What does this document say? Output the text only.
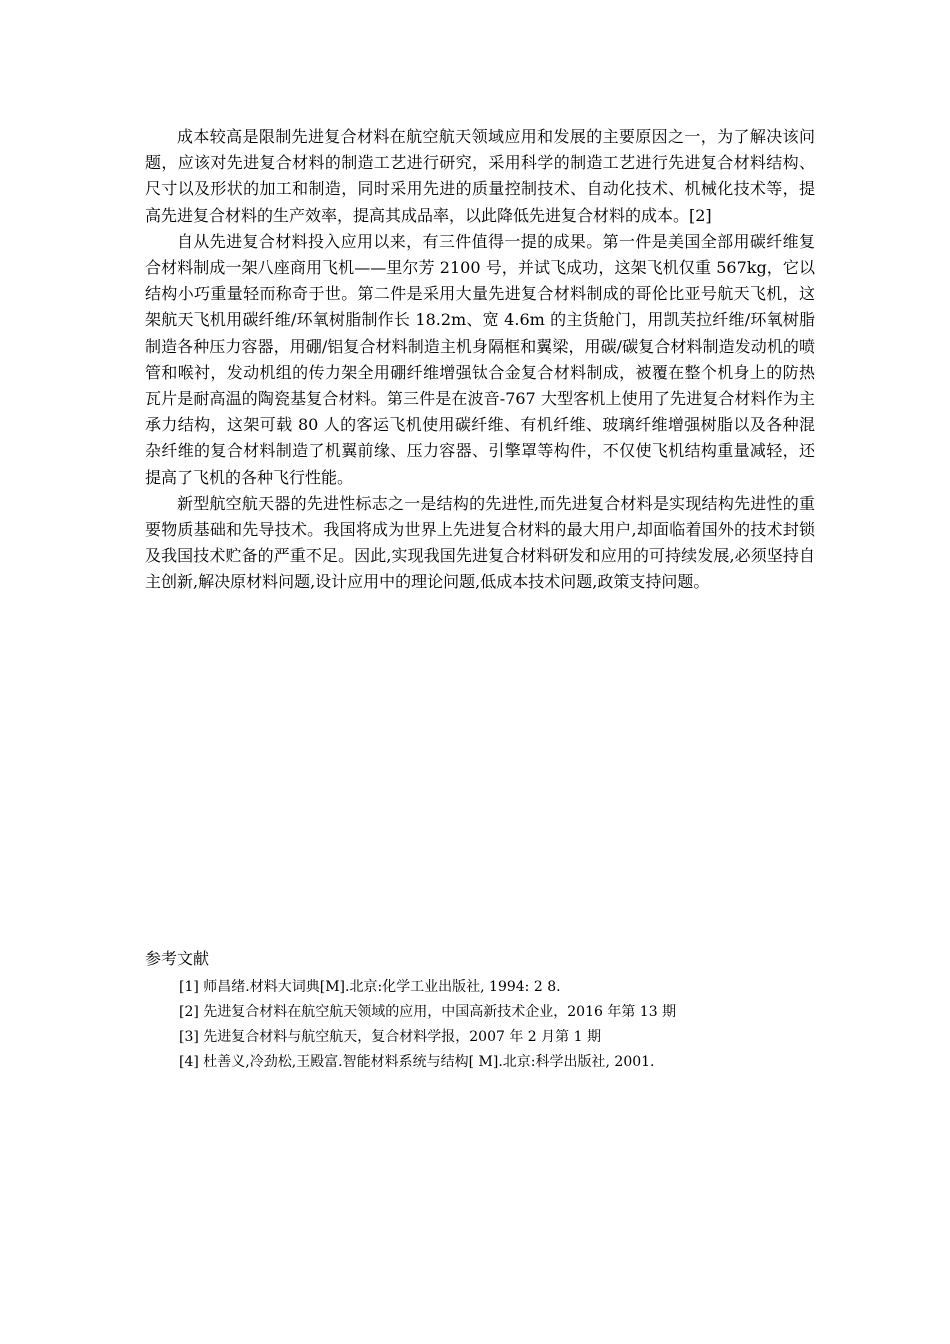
成本较高是限制先进复合材料在航空航天领域应用和发展的主要原因之一，为了解决该问题，应该对先进复合材料的制造工艺进行研究，采用科学的制造工艺进行先进复合材料结构、尺寸以及形状的加工和制造，同时采用先进的质量控制技术、自动化技术、机械化技术等，提高先进复合材料的生产效率，提高其成品率，以此降低先进复合材料的成本。[2]

自从先进复合材料投入应用以来，有三件值得一提的成果。第一件是美国全部用碳纤维复合材料制成一架八座商用飞机——里尔芳 2100 号，并试飞成功，这架飞机仅重 567kg，它以结构小巧重量轻而称奇于世。第二件是采用大量先进复合材料制成的哥伦比亚号航天飞机，这架航天飞机用碳纤维/环氧树脂制作长 18.2m、宽 4.6m 的主货舱门，用凯芙拉纤维/环氧树脂制造各种压力容器，用硼/铝复合材料制造主机身隔框和翼梁，用碳/碳复合材料制造发动机的喷管和喉衬，发动机组的传力架全用硼纤维增强钛合金复合材料制成，被覆在整个机身上的防热瓦片是耐高温的陶瓷基复合材料。第三件是在波音-767 大型客机上使用了先进复合材料作为主承力结构，这架可载 80 人的客运飞机使用碳纤维、有机纤维、玻璃纤维增强树脂以及各种混杂纤维的复合材料制造了机翼前缘、压力容器、引擎罩等构件，不仅使飞机结构重量减轻，还提高了飞机的各种飞行性能。

新型航空航天器的先进性标志之一是结构的先进性,而先进复合材料是实现结构先进性的重要物质基础和先导技术。我国将成为世界上先进复合材料的最大用户,却面临着国外的技术封锁及我国技术贮备的严重不足。因此,实现我国先进复合材料研发和应用的可持续发展,必须坚持自主创新,解决原材料问题,设计应用中的理论问题,低成本技术问题,政策支持问题。

参考文献
[1] 师昌绪.材料大词典[M].北京:化学工业出版社, 1994: 2 8.
[2] 先进复合材料在航空航天领域的应用，中国高新技术企业，2016 年第 13 期
[3] 先进复合材料与航空航天，复合材料学报，2007 年 2 月第 1 期
[4] 杜善义,冷劲松,王殿富.智能材料系统与结构[ M].北京:科学出版社, 2001.
